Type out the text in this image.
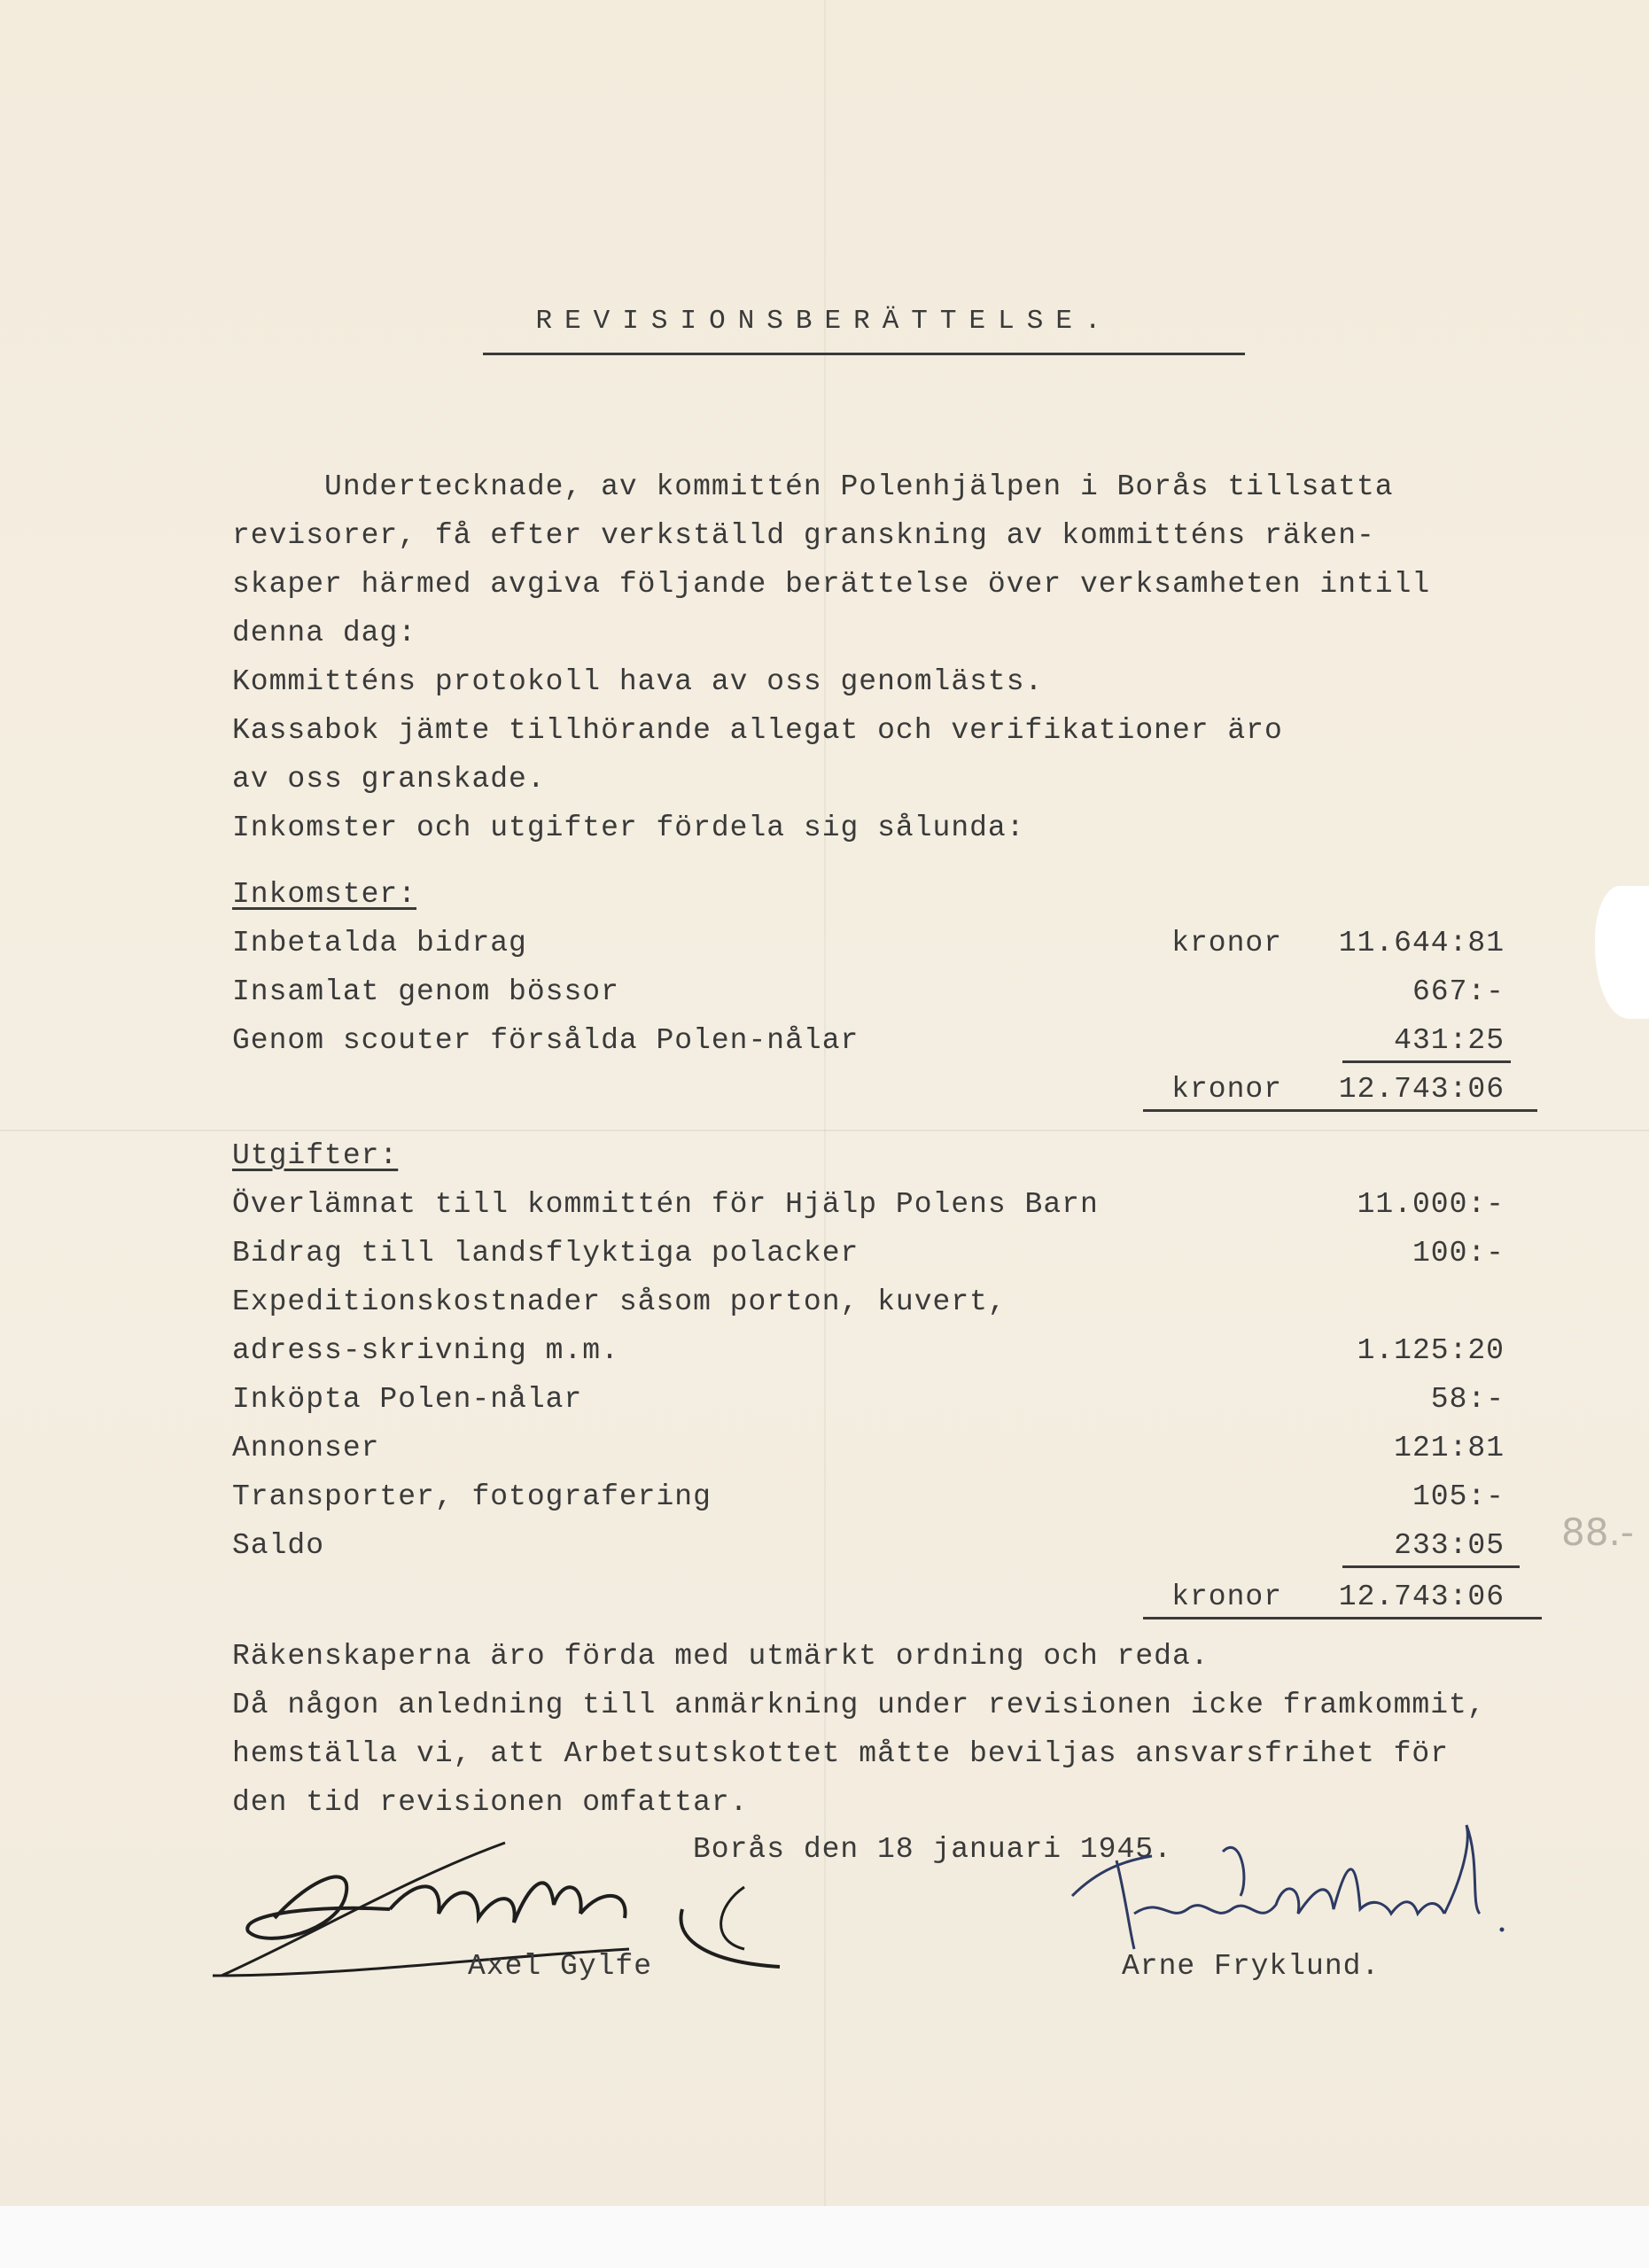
REVISIONSBERÄTTELSE.
Undertecknade, av kommittén Polenhjälpen i Borås tillsatta
revisorer, få efter verkställd granskning av kommitténs räken-
skaper härmed avgiva följande berättelse över verksamheten intill
denna dag:
Kommitténs protokoll hava av oss genomlästs.
Kassabok jämte tillhörande allegat och verifikationer äro
av oss granskade.
Inkomster och utgifter fördela sig sålunda:
Inkomster:
Inbetalda bidrag	kronor 11.644:81
Insamlat genom bössor	667:-
Genom scouter försålda Polen-nålar	431:25
kronor 12.743:06
Utgifter:
Överlämnat till kommittén för Hjälp Polens Barn	11.000:-
Bidrag till landsflyktiga polacker	100:-
Expeditionskostnader såsom porton, kuvert,
adress-skrivning m.m.	1.125:20
Inköpta Polen-nålar	58:-
Annonser	121:81
Transporter, fotografering	105:-
Saldo	233:05 88.-
kronor 12.743:06
Räkenskaperna äro förda med utmärkt ordning och reda.
Då någon anledning till anmärkning under revisionen icke framkommit,
hemställa vi, att Arbetsutskottet måtte beviljas ansvarsfrihet för
den tid revisionen omfattar.
Borås den 18 januari 1945.
Axel Gylfe	Arne Fryklund.
